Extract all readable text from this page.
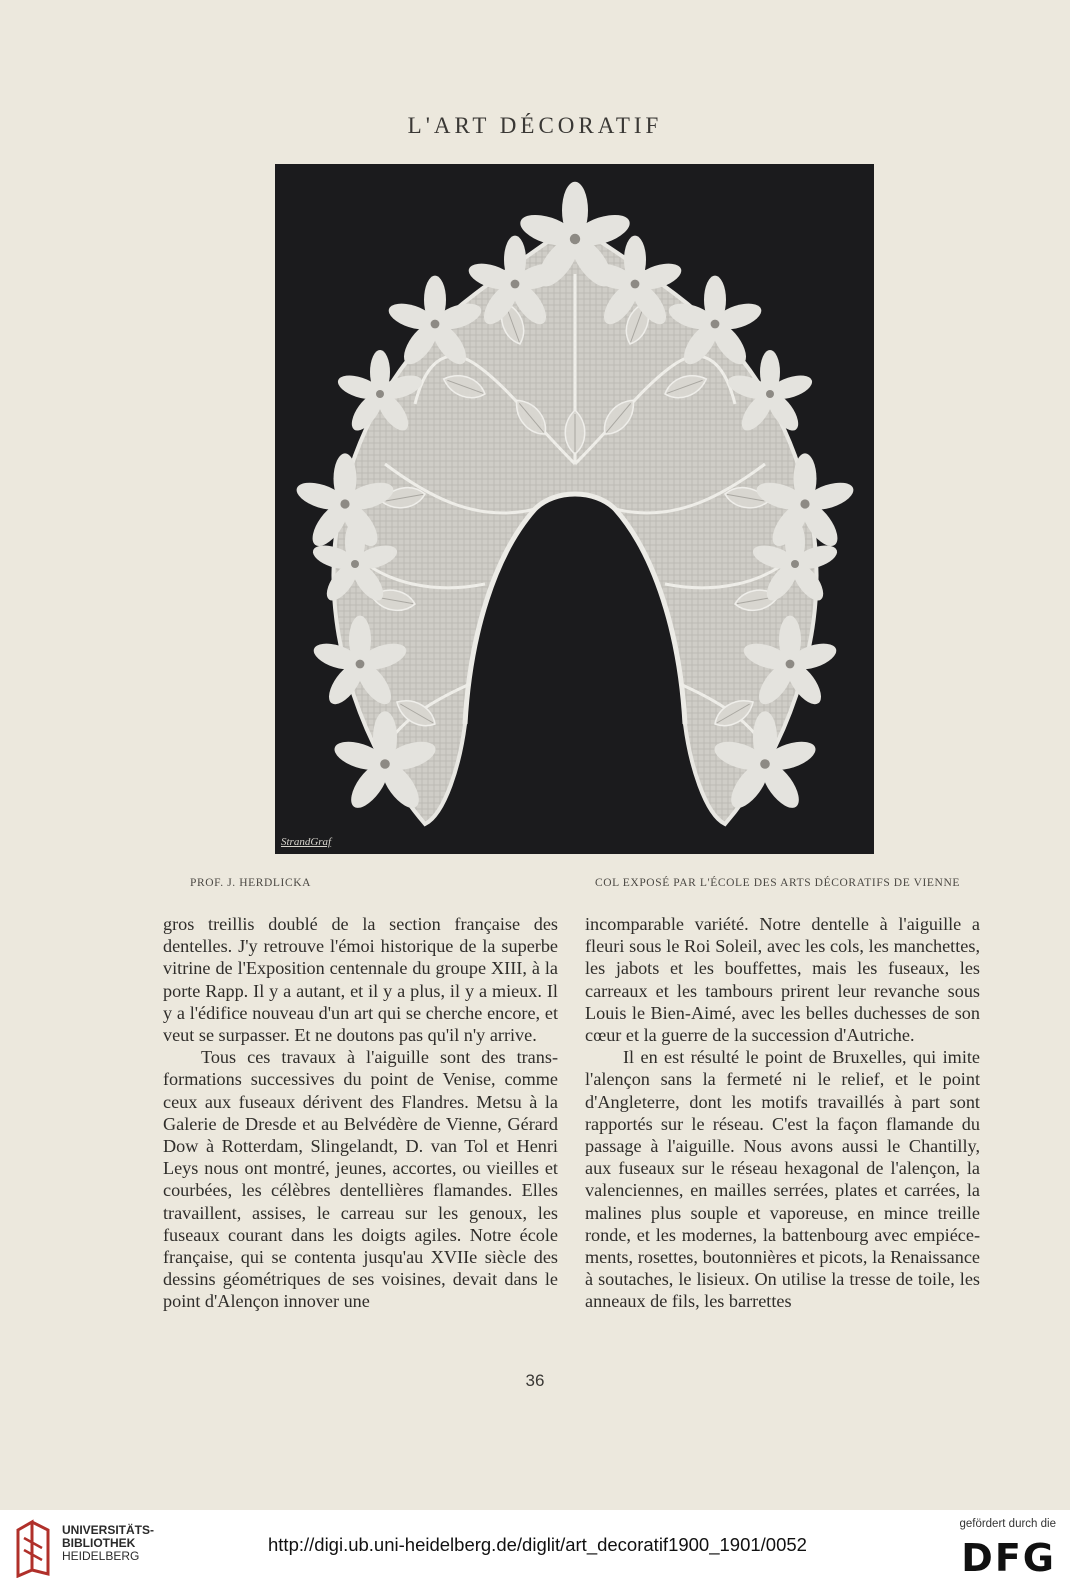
L'ART DÉCORATIF
StrandGraf
PROF. J. HERDLICKA	COL EXPOSÉ PAR L'ÉCOLE DES ARTS DÉCORATIFS DE VIENNE

gros treillis doublé de la section française des dentelles. J'y retrouve l'émoi historique de la superbe vitrine de l'Exposition centennale du groupe XIII, à la porte Rapp. Il y a autant, et il y a plus, il y a mieux. Il y a l'édifice nouveau d'un art qui se cherche encore, et veut se surpasser. Et ne doutons pas qu'il n'y arrive.

Tous ces travaux à l'aiguille sont des transformations successives du point de Venise, comme ceux aux fuseaux dérivent des Flandres. Metsu à la Galerie de Dresde et au Belvédère de Vienne, Gérard Dow à Rotterdam, Slingelandt, D. van Tol et Henri Leys nous ont montré, jeunes, accortes, ou vieilles et courbées, les célèbres dentellières flamandes. Elles travaillent, assises, le carreau sur les genoux, les fuseaux courant dans les doigts agiles. Notre école française, qui se contenta jusqu'au XVIIe siècle des dessins géométriques de ses voisines, devait dans le point d'Alençon innover une

incomparable variété. Notre dentelle à l'aiguille a fleuri sous le Roi Soleil, avec les cols, les manchettes, les jabots et les bouffettes, mais les fuseaux, les carreaux et les tambours prirent leur revanche sous Louis le Bien-Aimé, avec les belles duchesses de son cœur et la guerre de la succession d'Autriche.

Il en est résulté le point de Bruxelles, qui imite l'alençon sans la fermeté ni le relief, et le point d'Angleterre, dont les motifs travaillés à part sont rapportés sur le réseau. C'est la façon flamande du passage à l'aiguille. Nous avons aussi le Chantilly, aux fuseaux sur le réseau hexagonal de l'alençon, la valenciennes, en mailles serrées, plates et carrées, la malines plus souple et vaporeuse, en mince treille ronde, et les modernes, la battenbourg avec empiécements, rosettes, boutonnières et picots, la Renaissance à soutaches, le lisieux. On utilise la tresse de toile, les anneaux de fils, les barrettes

36
UNIVERSITÄTS-
BIBLIOTHEK
HEIDELBERG
http://digi.ub.uni-heidelberg.de/diglit/art_decoratif1900_1901/0052
gefördert durch die
DFG
